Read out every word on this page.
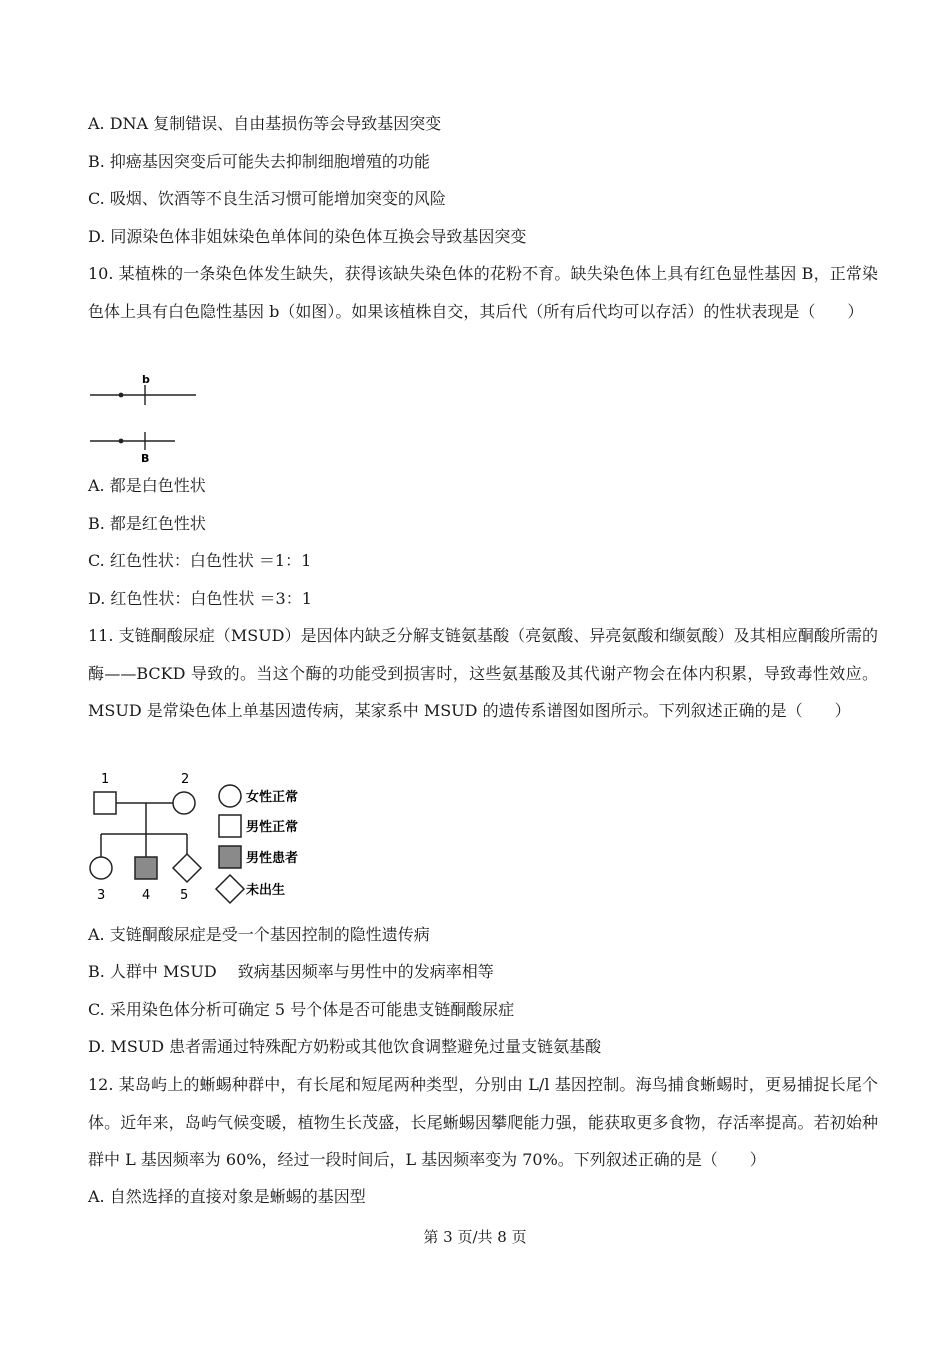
A. DNA 复制错误、自由基损伤等会导致基因突变
B. 抑癌基因突变后可能失去抑制细胞增殖的功能
C. 吸烟、饮酒等不良生活习惯可能增加突变的风险
D. 同源染色体非姐妹染色单体间的染色体互换会导致基因突变
10. 某植株的一条染色体发生缺失，获得该缺失染色体的花粉不育。缺失染色体上具有红色显性基因 B，正常染色体上具有白色隐性基因 b（如图）。如果该植株自交，其后代（所有后代均可以存活）的性状表现是（　　）
b
B
A. 都是白色性状
B. 都是红色性状
C. 红色性状：白色性状 ＝1：1
D. 红色性状：白色性状 ＝3：1
11. 支链酮酸尿症（MSUD）是因体内缺乏分解支链氨基酸（亮氨酸、异亮氨酸和缬氨酸）及其相应酮酸所需的酶——BCKD 导致的。当这个酶的功能受到损害时，这些氨基酸及其代谢产物会在体内积累，导致毒性效应。MSUD 是常染色体上单基因遗传病，某家系中 MSUD 的遗传系谱图如图所示。下列叙述正确的是（　　）
1	2
3	4 5
女性正常
男性正常
男性患者
未出生
A. 支链酮酸尿症是受一个基因控制的隐性遗传病
B. 人群中 MSUD　 致病基因频率与男性中的发病率相等
C. 采用染色体分析可确定 5 号个体是否可能患支链酮酸尿症
D. MSUD 患者需通过特殊配方奶粉或其他饮食调整避免过量支链氨基酸
12. 某岛屿上的蜥蜴种群中，有长尾和短尾两种类型，分别由 L/l 基因控制。海鸟捕食蜥蜴时，更易捕捉长尾个体。近年来，岛屿气候变暖，植物生长茂盛，长尾蜥蜴因攀爬能力强，能获取更多食物，存活率提高。若初始种群中 L 基因频率为 60%，经过一段时间后，L 基因频率变为 70%。下列叙述正确的是（　　）
A. 自然选择的直接对象是蜥蜴的基因型
第 3 页/共 8 页
